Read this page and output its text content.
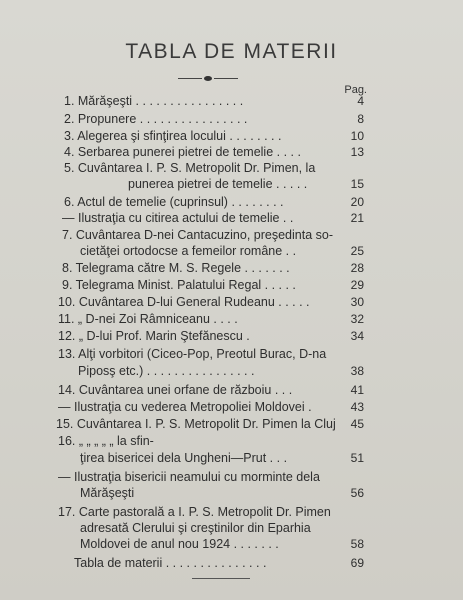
TABLA DE MATERII
Pag.
1. Mărăşeşti . . . . . . . . . . . . . . . .	4
2. Propunere . . . . . . . . . . . . . . . .	8
3. Alegerea şi sfinţirea locului . . . . . . . .	10
4. Serbarea punerei pietrei de temelie . . . .	13
5. Cuvântarea I. P. S. Metropolit Dr. Pimen, la
punerea pietrei de temelie . . . . .	15
6. Actul de temelie (cuprinsul) . . . . . . . .	20
— Ilustraţia cu citirea actului de temelie . .	21
7. Cuvântarea D-nei Cantacuzino, preşedinta so-
cietăţei ortodocse a femeilor române . .	25
8. Telegrama către M. S. Regele . . . . . . .	28
9. Telegrama Minist. Palatului Regal . . . . .	29
10. Cuvântarea D-lui General Rudeanu . . . . .	30
11. „ D-nei Zoi Râmniceanu . . . .	32
12. „ D-lui Prof. Marin Ştefănescu .	34
13. Alţi vorbitori (Ciceo-Pop, Preotul Burac, D-na
Piposş etc.) . . . . . . . . . . . . . . . .	38
14. Cuvântarea unei orfane de războiu . . .	41
— Ilustraţia cu vederea Metropoliei Moldovei .	43
15. Cuvântarea I. P. S. Metropolit Dr. Pimen la Cluj	45
16. „ „ „ „ „ la sfin-
ţirea bisericei dela Ungheni—Prut . . .	51
— Ilustraţia bisericii neamului cu morminte dela
Mărăşeşti	56
17. Carte pastorală a I. P. S. Metropolit Dr. Pimen
adresată Clerului şi creştinilor din Eparhia
Moldovei de anul nou 1924 . . . . . . .	58
Tabla de materii . . . . . . . . . . . . . . .	69
